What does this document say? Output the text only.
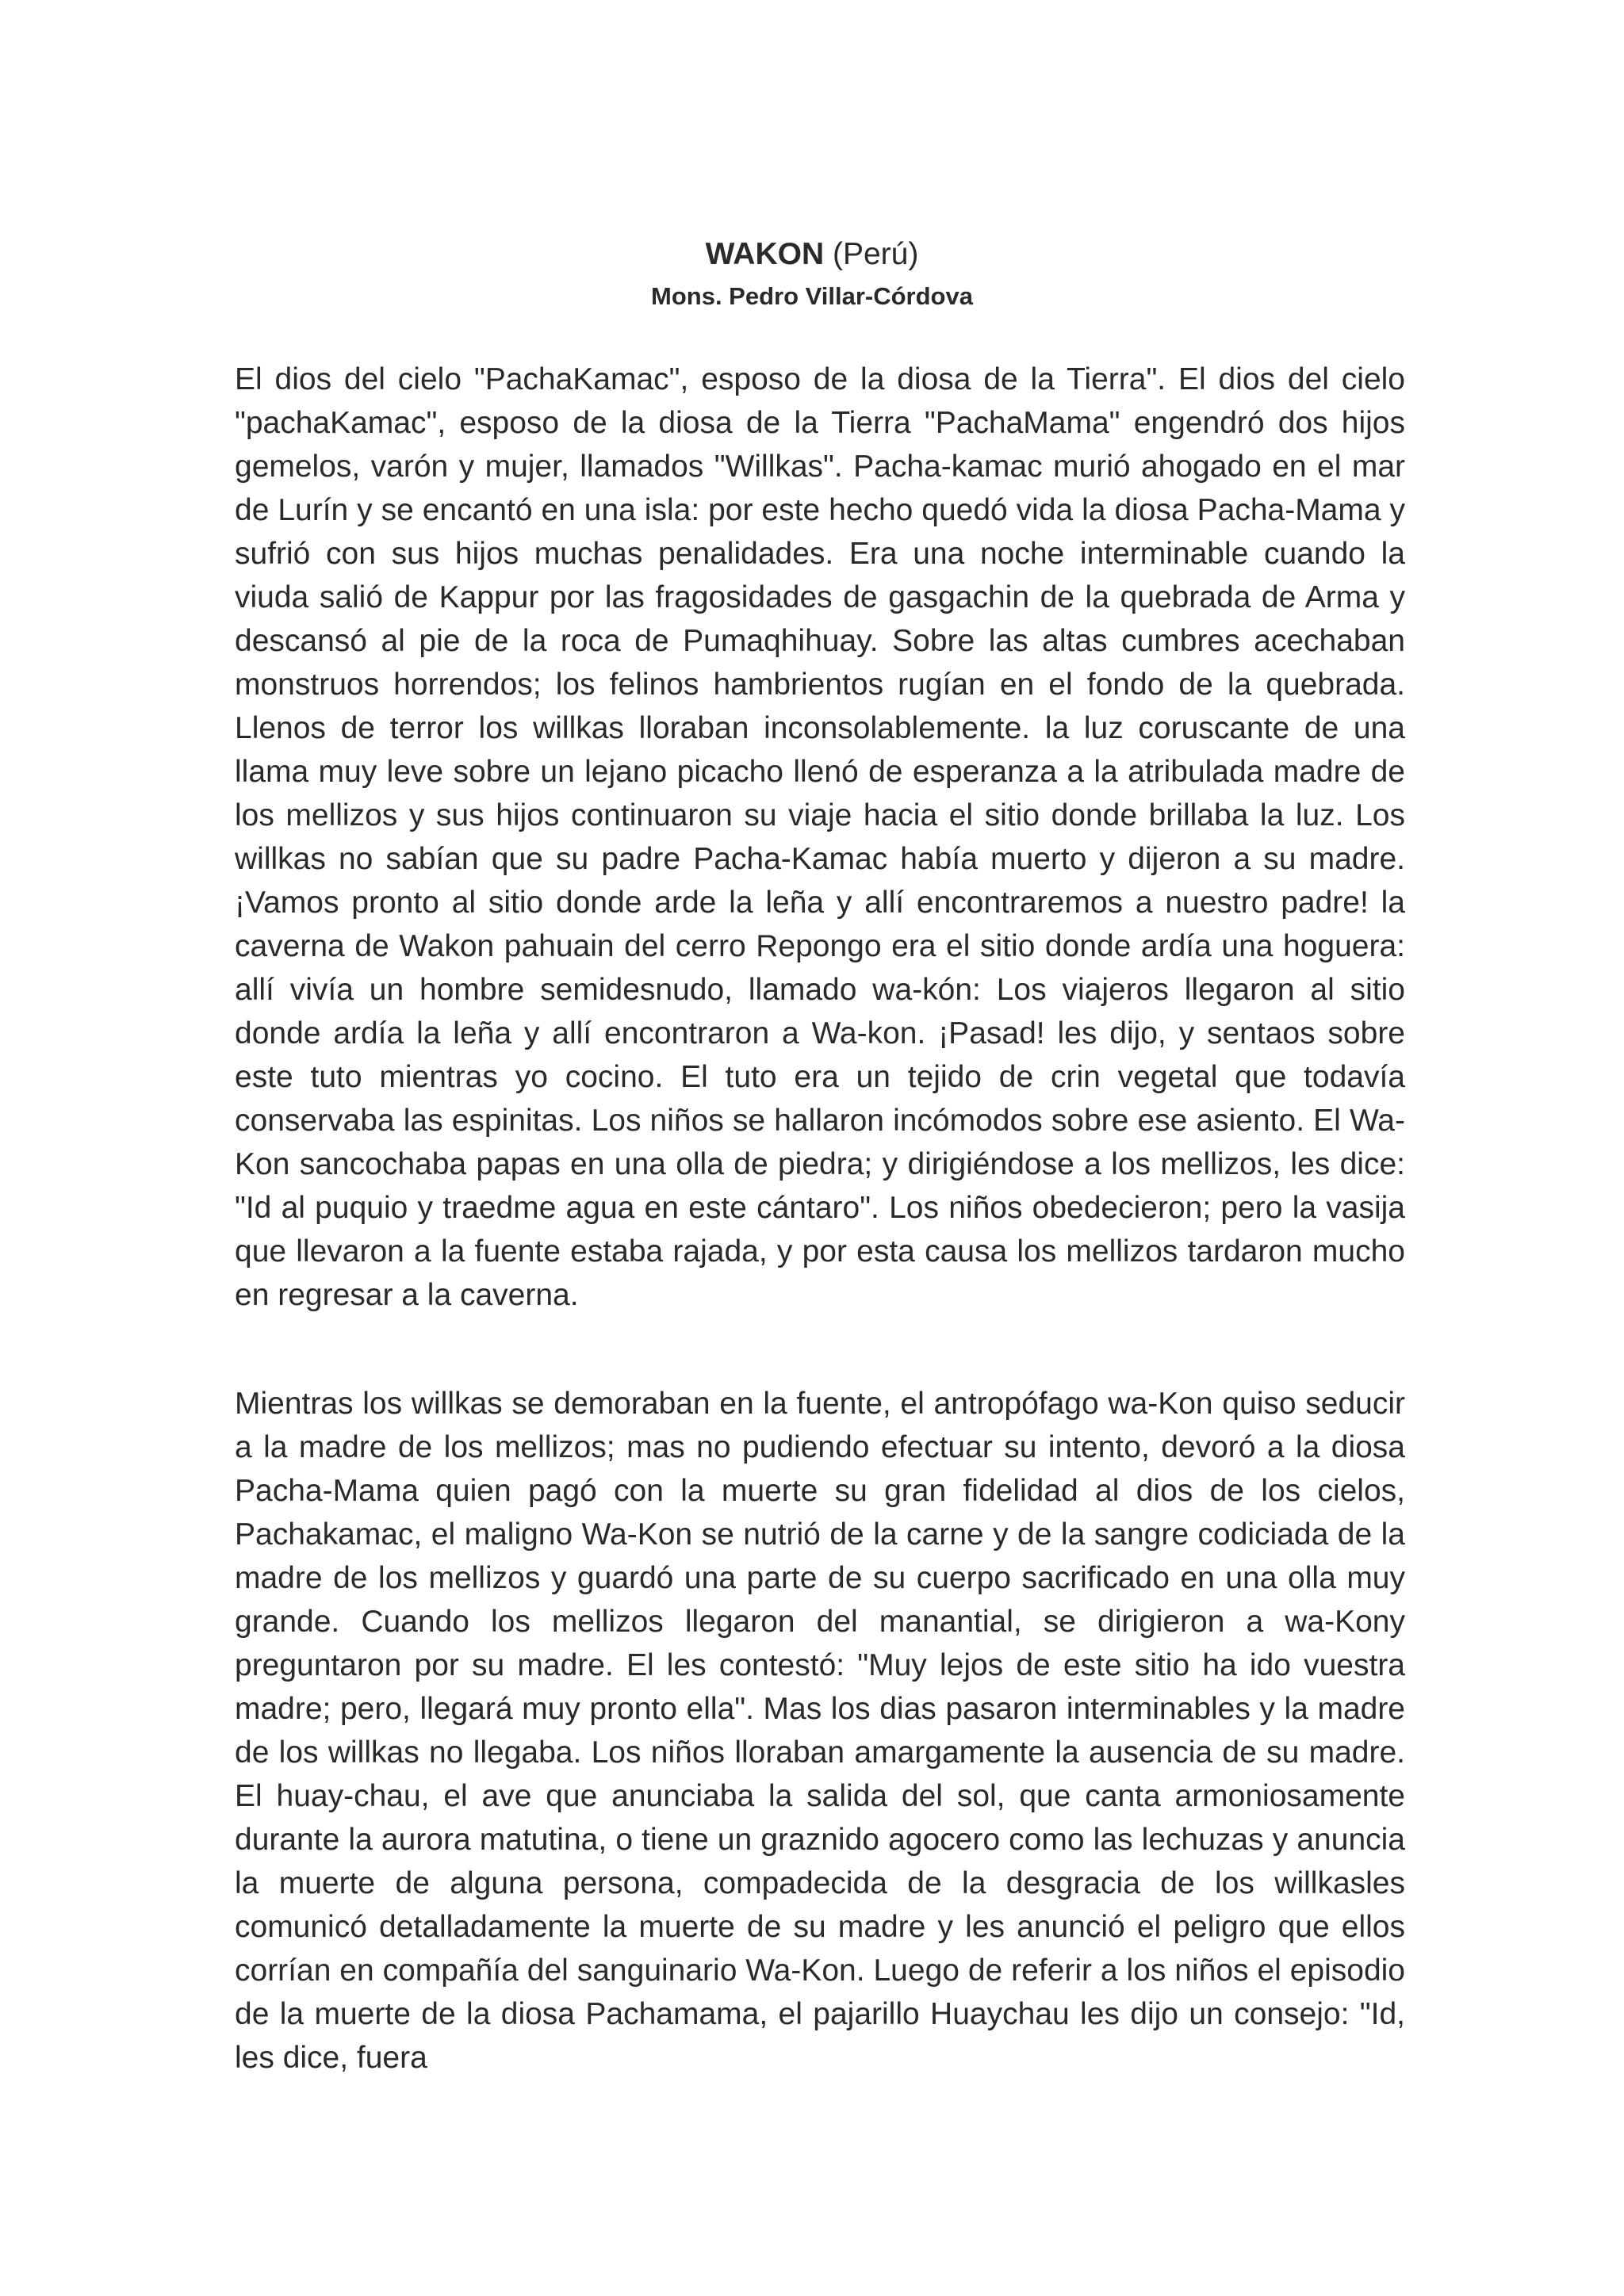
WAKON (Perú)
Mons. Pedro Villar-Córdova

El dios del cielo "PachaKamac", esposo de la diosa de la Tierra". El dios del cielo "pachaKamac", esposo de la diosa de la Tierra "PachaMama" engendró dos hijos gemelos, varón y mujer, llamados "Willkas". Pacha-kamac murió ahogado en el mar de Lurín y se encantó en una isla: por este hecho quedó vida la diosa Pacha-Mama y sufrió con sus hijos muchas penalidades. Era una noche interminable cuando la viuda salió de Kappur por las fragosidades de gasgachin de la quebrada de Arma y descansó al pie de la roca de Pumaqhihuay. Sobre las altas cumbres acechaban monstruos horrendos; los felinos hambrientos rugían en el fondo de la quebrada. Llenos de terror los willkas lloraban inconsolablemente. la luz coruscante de una llama muy leve sobre un lejano picacho llenó de esperanza a la atribulada madre de los mellizos y sus hijos continuaron su viaje hacia el sitio donde brillaba la luz. Los willkas no sabían que su padre Pacha-Kamac había muerto y dijeron a su madre. ¡Vamos pronto al sitio donde arde la leña y allí encontraremos a nuestro padre! la caverna de Wakon pahuain del cerro Repongo era el sitio donde ardía una hoguera: allí vivía un hombre semidesnudo, llamado wa-kón: Los viajeros llegaron al sitio donde ardía la leña y allí encontraron a Wa-kon. ¡Pasad! les dijo, y sentaos sobre este tuto mientras yo cocino. El tuto era un tejido de crin vegetal que todavía conservaba las espinitas. Los niños se hallaron incómodos sobre ese asiento. El Wa-Kon sancochaba papas en una olla de piedra; y dirigiéndose a los mellizos, les dice: "Id al puquio y traedme agua en este cántaro". Los niños obedecieron; pero la vasija que llevaron a la fuente estaba rajada, y por esta causa los mellizos tardaron mucho en regresar a la caverna.

Mientras los willkas se demoraban en la fuente, el antropófago wa-Kon quiso seducir a la madre de los mellizos; mas no pudiendo efectuar su intento, devoró a la diosa Pacha-Mama quien pagó con la muerte su gran fidelidad al dios de los cielos, Pachakamac, el maligno Wa-Kon se nutrió de la carne y de la sangre codiciada de la madre de los mellizos y guardó una parte de su cuerpo sacrificado en una olla muy grande. Cuando los mellizos llegaron del manantial, se dirigieron a wa-Kony preguntaron por su madre. El les contestó: "Muy lejos de este sitio ha ido vuestra madre; pero, llegará muy pronto ella". Mas los dias pasaron interminables y la madre de los willkas no llegaba. Los niños lloraban amargamente la ausencia de su madre. El huay-chau, el ave que anunciaba la salida del sol, que canta armoniosamente durante la aurora matutina, o tiene un graznido agocero como las lechuzas y anuncia la muerte de alguna persona, compadecida de la desgracia de los willkasles comunicó detalladamente la muerte de su madre y les anunció el peligro que ellos corrían en compañía del sanguinario Wa-Kon. Luego de referir a los niños el episodio de la muerte de la diosa Pachamama, el pajarillo Huaychau les dijo un consejo: "Id, les dice, fuera
